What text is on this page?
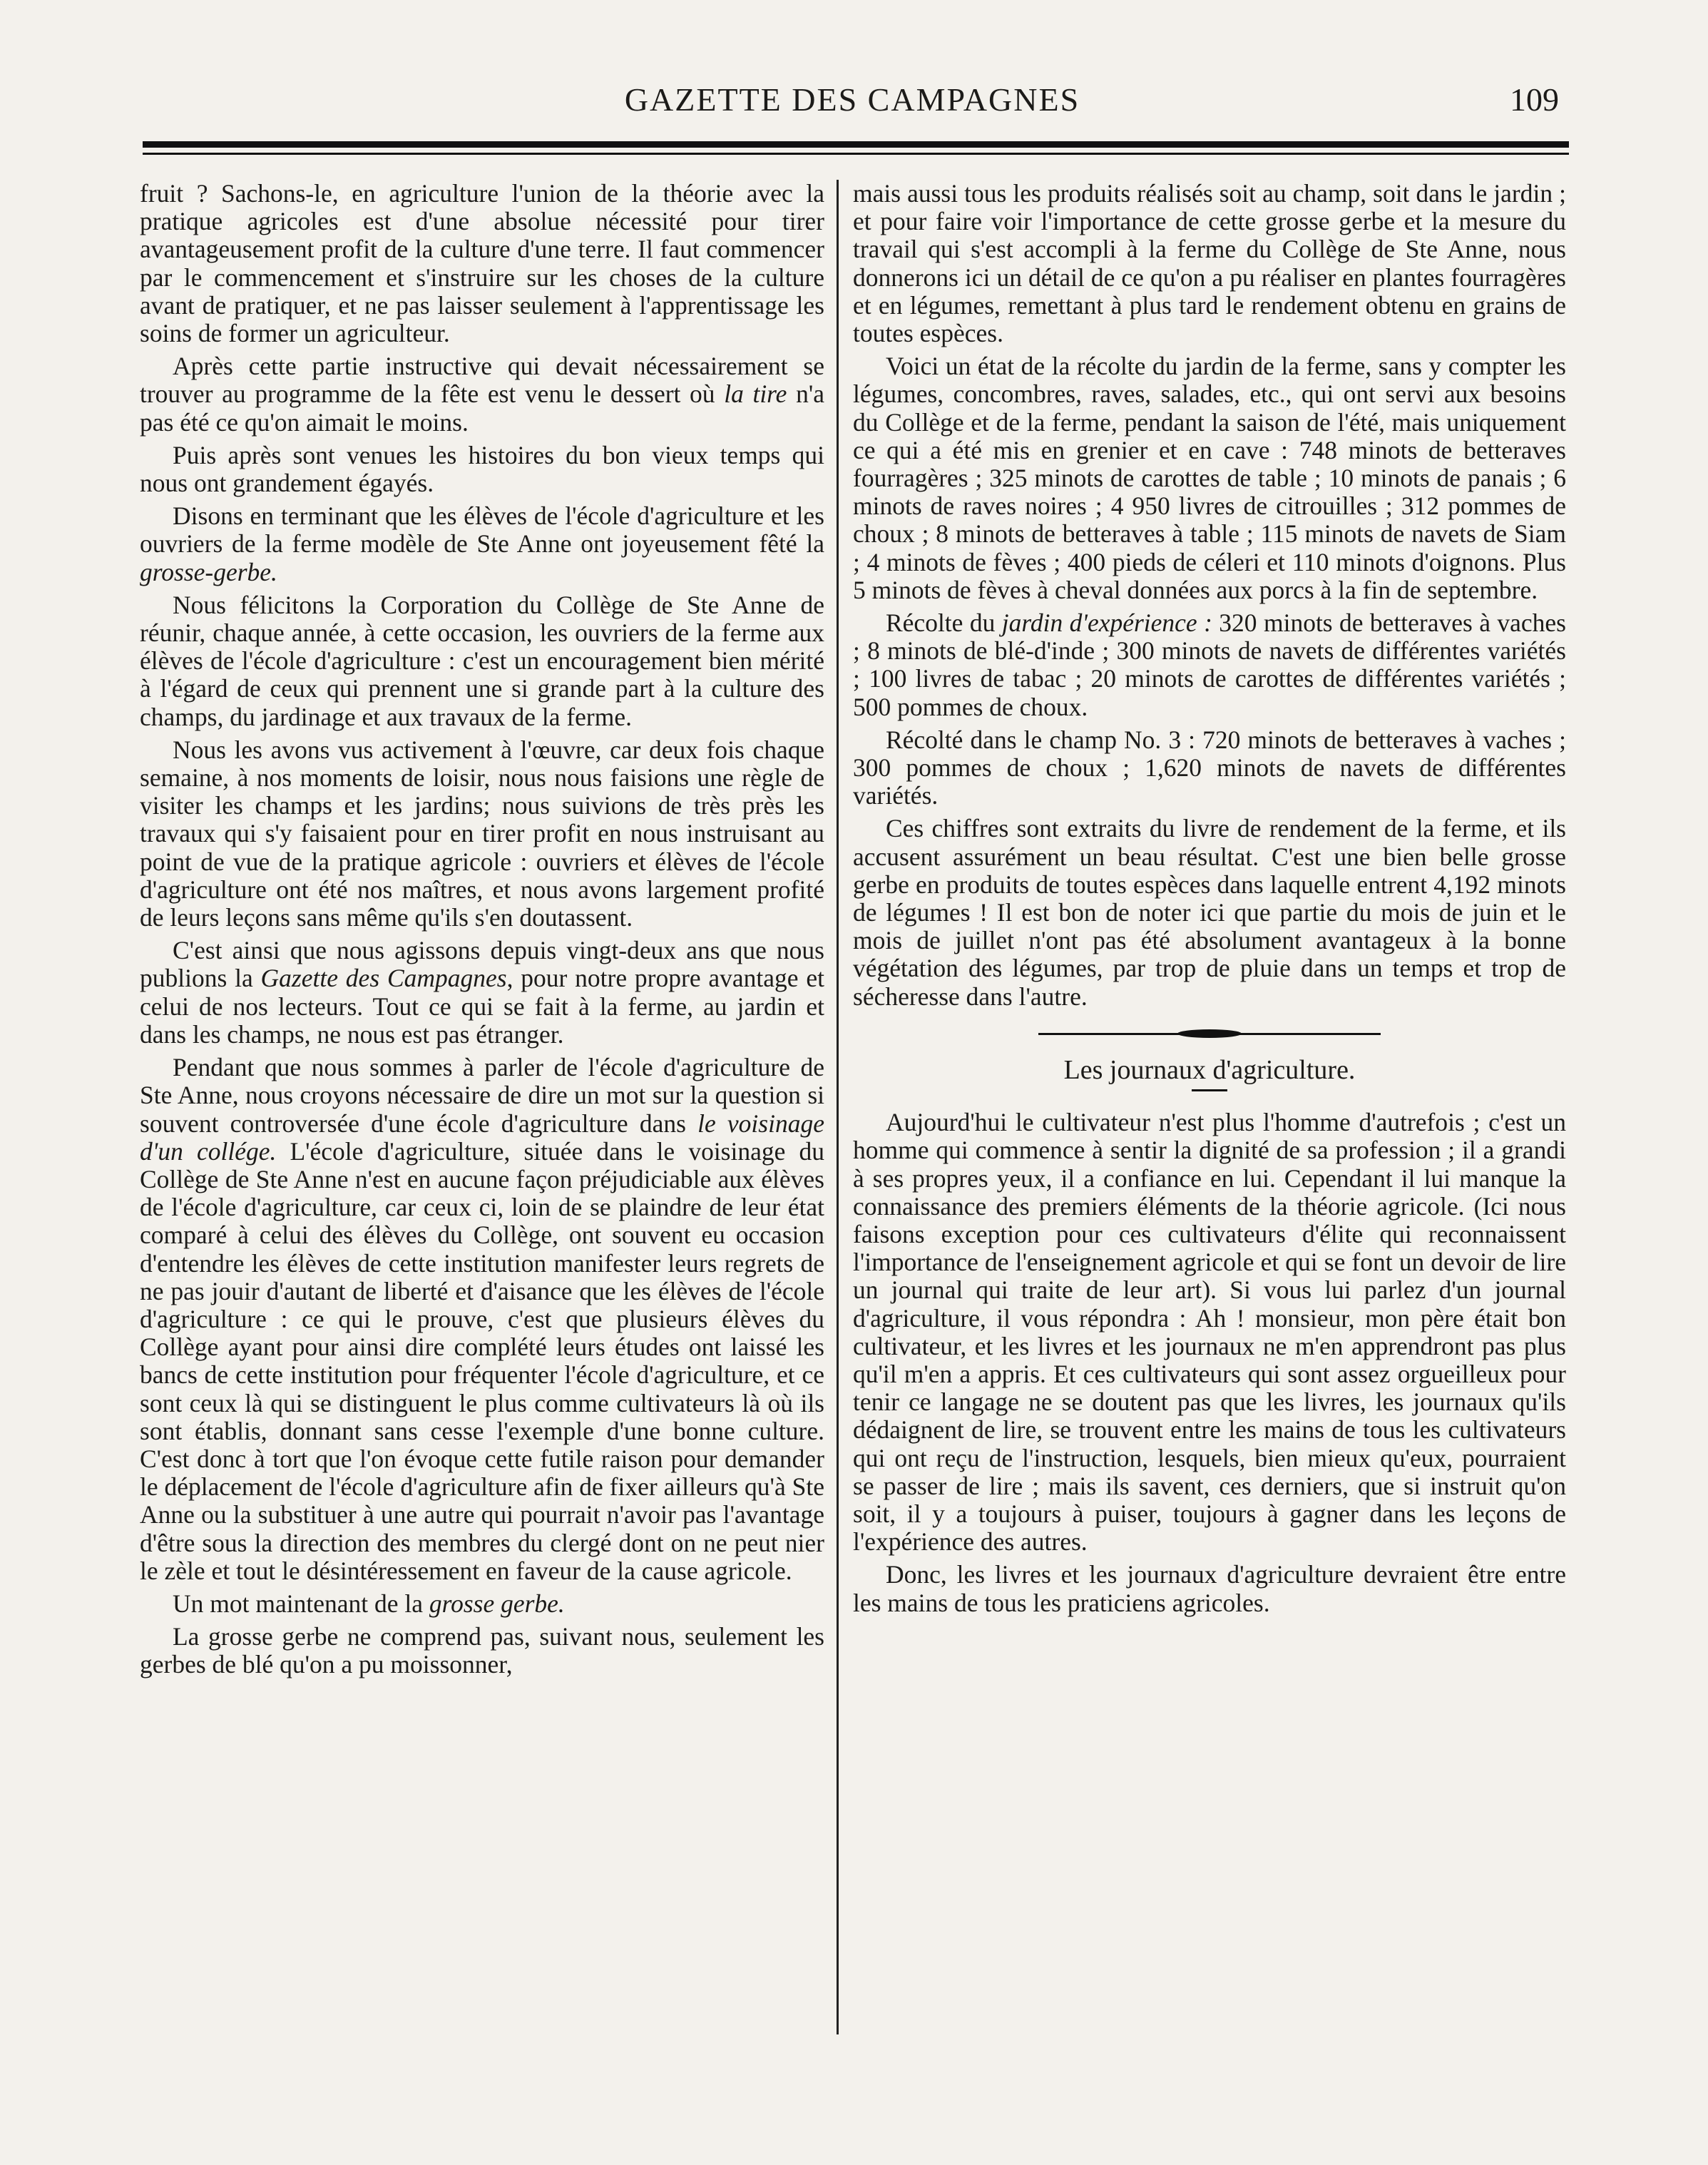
GAZETTE DES CAMPAGNES	109

fruit ? Sachons-le, en agriculture l'union de la théorie avec la pratique agricoles est d'une absolue nécessité pour tirer avantageusement profit de la culture d'une terre. Il faut commencer par le commencement et s'instruire sur les choses de la culture avant de pratiquer, et ne pas laisser seulement à l'apprentissage les soins de former un agriculteur.

Après cette partie instructive qui devait nécessairement se trouver au programme de la fête est venu le dessert où la tire n'a pas été ce qu'on aimait le moins.

Puis après sont venues les histoires du bon vieux temps qui nous ont grandement égayés.

Disons en terminant que les élèves de l'école d'agriculture et les ouvriers de la ferme modèle de Ste Anne ont joyeusement fêté la grosse-gerbe.

Nous félicitons la Corporation du Collège de Ste Anne de réunir, chaque année, à cette occasion, les ouvriers de la ferme aux élèves de l'école d'agriculture : c'est un encouragement bien mérité à l'égard de ceux qui prennent une si grande part à la culture des champs, du jardinage et aux travaux de la ferme.

Nous les avons vus activement à l'œuvre, car deux fois chaque semaine, à nos moments de loisir, nous nous faisions une règle de visiter les champs et les jardins; nous suivions de très près les travaux qui s'y faisaient pour en tirer profit en nous instruisant au point de vue de la pratique agricole : ouvriers et élèves de l'école d'agriculture ont été nos maîtres, et nous avons largement profité de leurs leçons sans même qu'ils s'en doutassent.

C'est ainsi que nous agissons depuis vingt-deux ans que nous publions la Gazette des Campagnes, pour notre propre avantage et celui de nos lecteurs. Tout ce qui se fait à la ferme, au jardin et dans les champs, ne nous est pas étranger.

Pendant que nous sommes à parler de l'école d'agriculture de Ste Anne, nous croyons nécessaire de dire un mot sur la question si souvent controversée d'une école d'agriculture dans le voisinage d'un collége. L'école d'agriculture, située dans le voisinage du Collège de Ste Anne n'est en aucune façon préjudiciable aux élèves de l'école d'agriculture, car ceux ci, loin de se plaindre de leur état comparé à celui des élèves du Collège, ont souvent eu occasion d'entendre les élèves de cette institution manifester leurs regrets de ne pas jouir d'autant de liberté et d'aisance que les élèves de l'école d'agriculture : ce qui le prouve, c'est que plusieurs élèves du Collège ayant pour ainsi dire complété leurs études ont laissé les bancs de cette institution pour fréquenter l'école d'agriculture, et ce sont ceux là qui se distinguent le plus comme cultivateurs là où ils sont établis, donnant sans cesse l'exemple d'une bonne culture. C'est donc à tort que l'on évoque cette futile raison pour demander le déplacement de l'école d'agriculture afin de fixer ailleurs qu'à Ste Anne ou la substituer à une autre qui pourrait n'avoir pas l'avantage d'être sous la direction des membres du clergé dont on ne peut nier le zèle et tout le désintéressement en faveur de la cause agricole.

Un mot maintenant de la grosse gerbe.

La grosse gerbe ne comprend pas, suivant nous, seulement les gerbes de blé qu'on a pu moissonner,

mais aussi tous les produits réalisés soit au champ, soit dans le jardin ; et pour faire voir l'importance de cette grosse gerbe et la mesure du travail qui s'est accompli à la ferme du Collège de Ste Anne, nous donnerons ici un détail de ce qu'on a pu réaliser en plantes fourragères et en légumes, remettant à plus tard le rendement obtenu en grains de toutes espèces.

Voici un état de la récolte du jardin de la ferme, sans y compter les légumes, concombres, raves, salades, etc., qui ont servi aux besoins du Collège et de la ferme, pendant la saison de l'été, mais uniquement ce qui a été mis en grenier et en cave : 748 minots de betteraves fourragères ; 325 minots de carottes de table ; 10 minots de panais ; 6 minots de raves noires ; 4 950 livres de citrouilles ; 312 pommes de choux ; 8 minots de betteraves à table ; 115 minots de navets de Siam ; 4 minots de fèves ; 400 pieds de céleri et 110 minots d'oignons. Plus 5 minots de fèves à cheval données aux porcs à la fin de septembre.

Récolte du jardin d'expérience : 320 minots de betteraves à vaches ; 8 minots de blé-d'inde ; 300 minots de navets de différentes variétés ; 100 livres de tabac ; 20 minots de carottes de différentes variétés ; 500 pommes de choux.

Récolté dans le champ No. 3 : 720 minots de betteraves à vaches ; 300 pommes de choux ; 1,620 minots de navets de différentes variétés.

Ces chiffres sont extraits du livre de rendement de la ferme, et ils accusent assurément un beau résultat. C'est une bien belle grosse gerbe en produits de toutes espèces dans laquelle entrent 4,192 minots de légumes ! Il est bon de noter ici que partie du mois de juin et le mois de juillet n'ont pas été absolument avantageux à la bonne végétation des légumes, par trop de pluie dans un temps et trop de sécheresse dans l'autre.

Les journaux d'agriculture.

Aujourd'hui le cultivateur n'est plus l'homme d'autrefois ; c'est un homme qui commence à sentir la dignité de sa profession ; il a grandi à ses propres yeux, il a confiance en lui. Cependant il lui manque la connaissance des premiers éléments de la théorie agricole. (Ici nous faisons exception pour ces cultivateurs d'élite qui reconnaissent l'importance de l'enseignement agricole et qui se font un devoir de lire un journal qui traite de leur art). Si vous lui parlez d'un journal d'agriculture, il vous répondra : Ah ! monsieur, mon père était bon cultivateur, et les livres et les journaux ne m'en apprendront pas plus qu'il m'en a appris. Et ces cultivateurs qui sont assez orgueilleux pour tenir ce langage ne se doutent pas que les livres, les journaux qu'ils dédaignent de lire, se trouvent entre les mains de tous les cultivateurs qui ont reçu de l'instruction, lesquels, bien mieux qu'eux, pourraient se passer de lire ; mais ils savent, ces derniers, que si instruit qu'on soit, il y a toujours à puiser, toujours à gagner dans les leçons de l'expérience des autres.

Donc, les livres et les journaux d'agriculture devraient être entre les mains de tous les praticiens agricoles.
